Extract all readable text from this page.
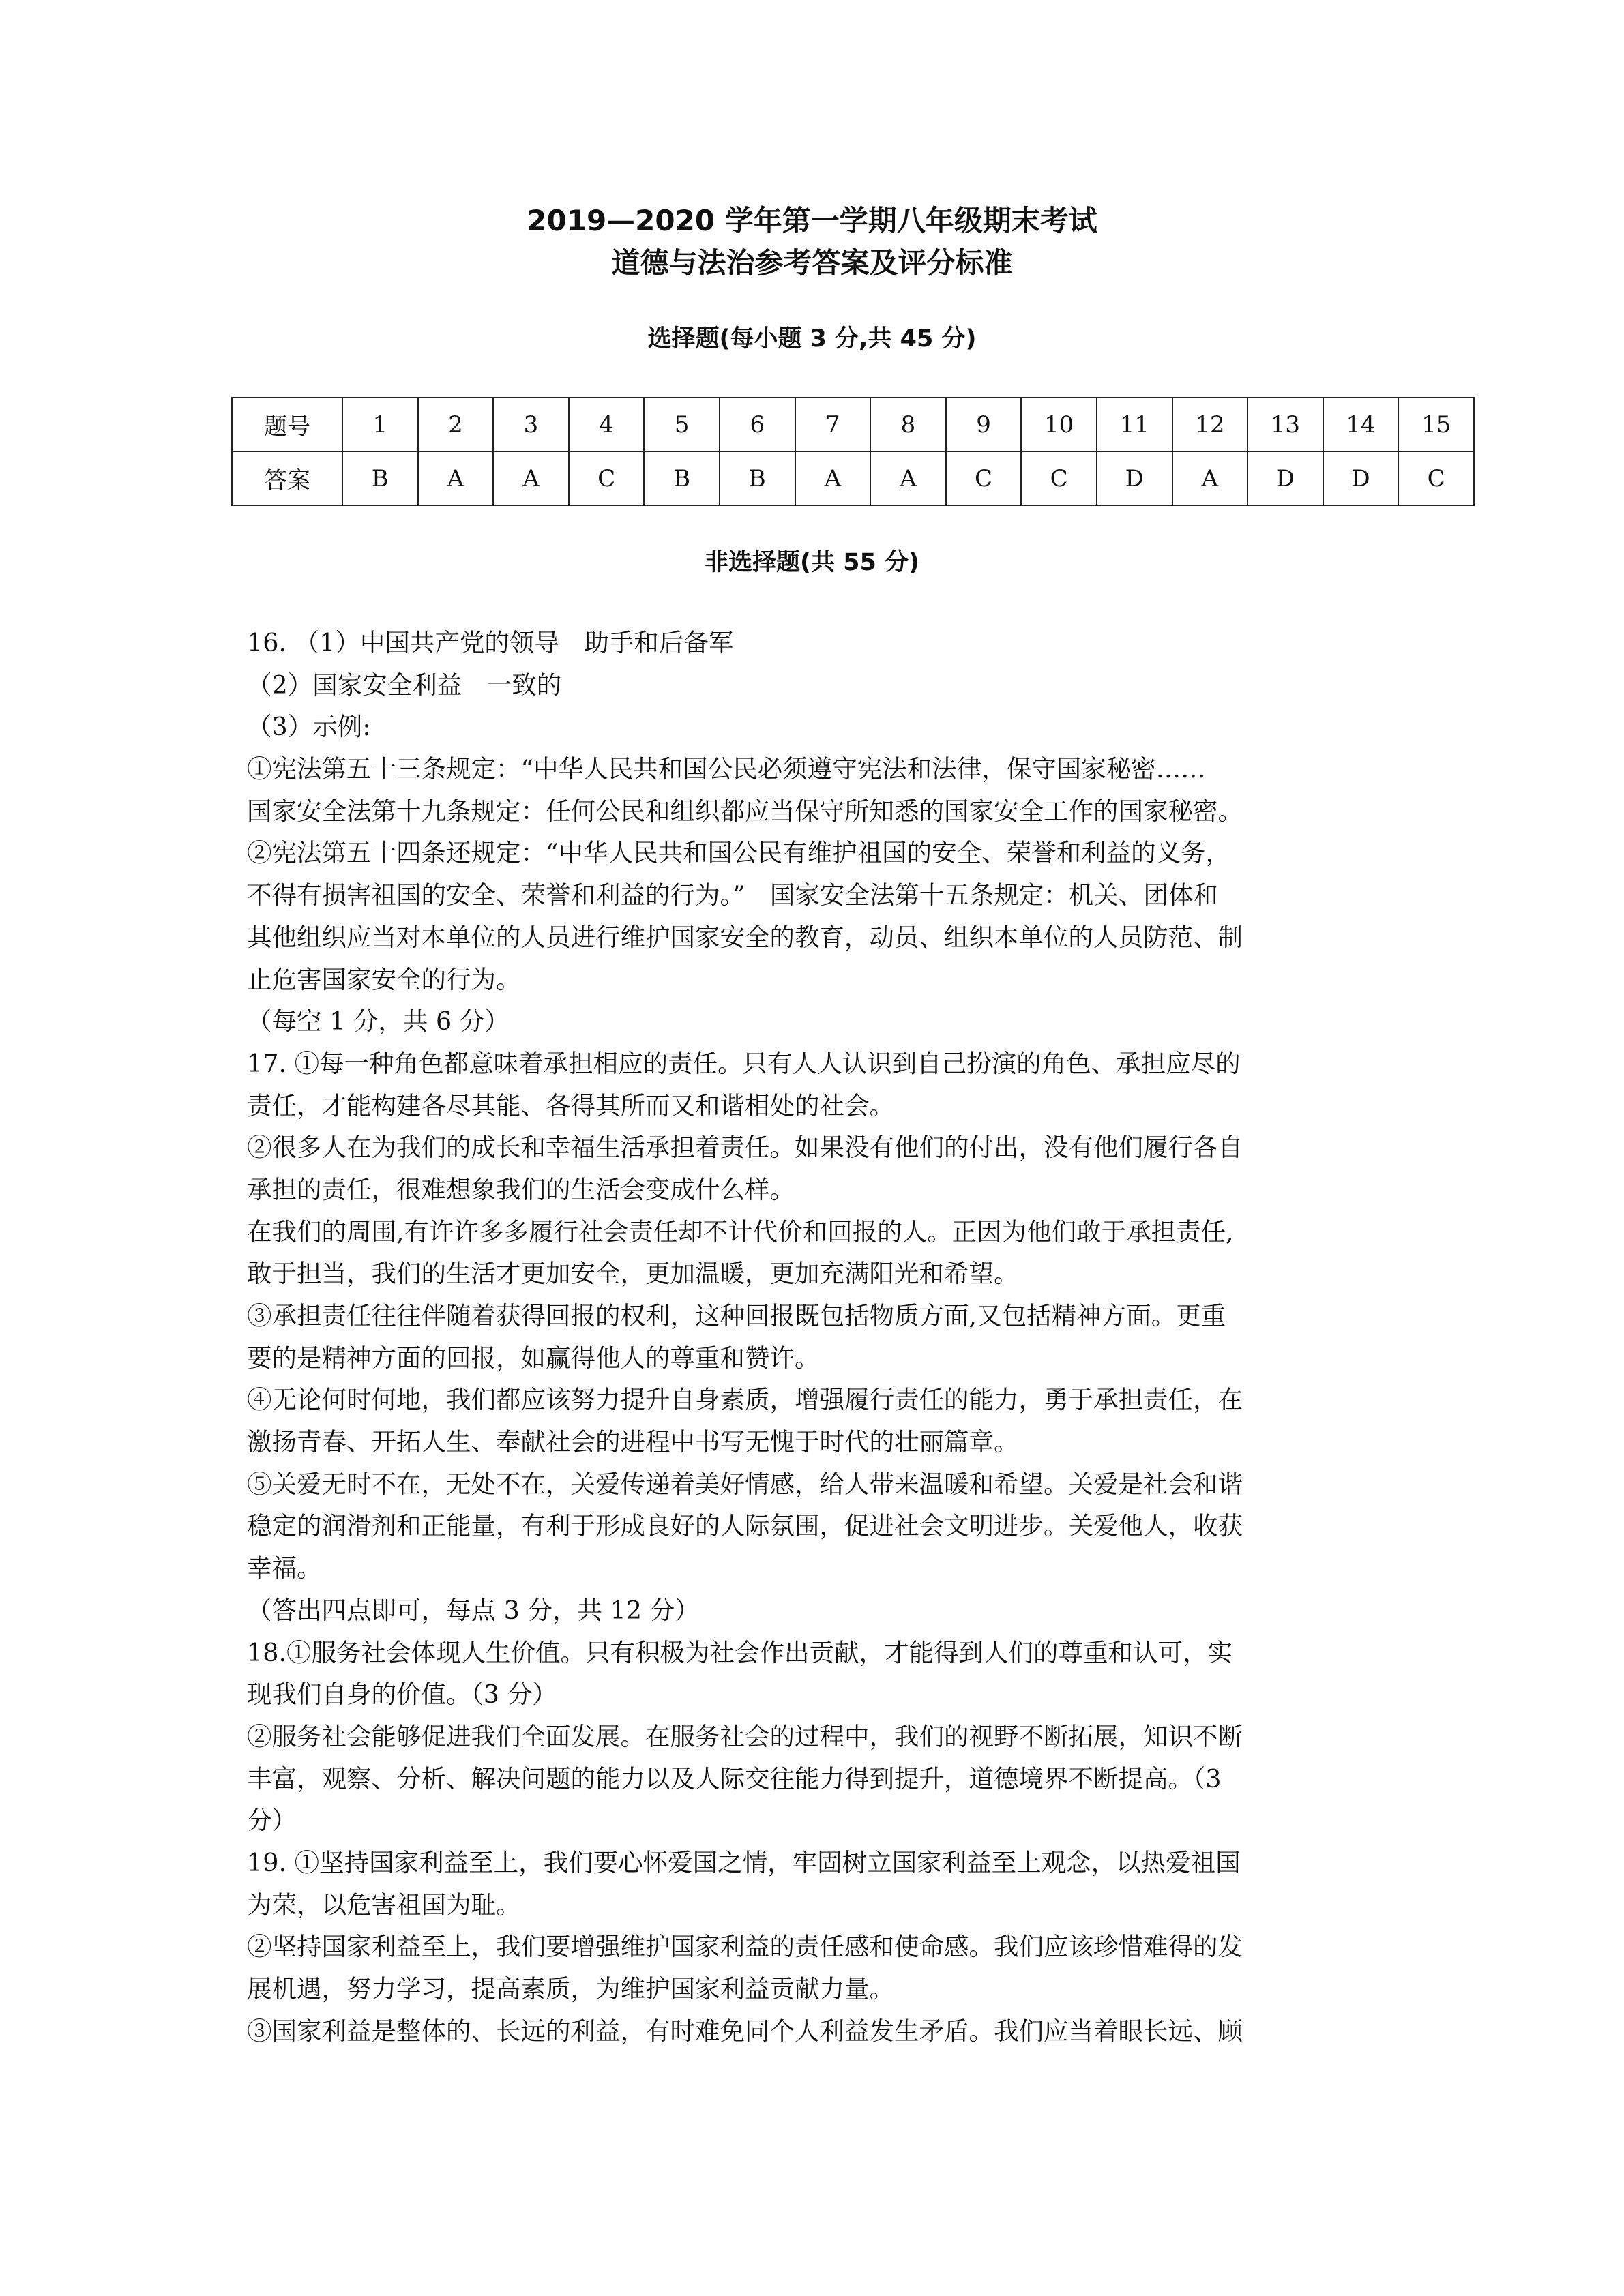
2019—2020 学年第一学期八年级期末考试
道德与法治参考答案及评分标准
选择题(每小题 3 分,共 45 分)
题号	1	2	3	4	5	6	7	8	9	10	11	12	13	14	15
答案	B	A	A	C	B	B	A	A	C	C	D	A	D	D	C
非选择题(共 55 分)
16. （1）中国共产党的领导　助手和后备军
（2）国家安全利益　一致的
（3）示例:
①宪法第五十三条规定：“中华人民共和国公民必须遵守宪法和法律，保守国家秘密……
国家安全法第十九条规定：任何公民和组织都应当保守所知悉的国家安全工作的国家秘密。
②宪法第五十四条还规定：“中华人民共和国公民有维护祖国的安全、荣誉和利益的义务，
不得有损害祖国的安全、荣誉和利益的行为。”　国家安全法第十五条规定：机关、团体和
其他组织应当对本单位的人员进行维护国家安全的教育，动员、组织本单位的人员防范、制
止危害国家安全的行为。
（每空 1 分，共 6 分）
17. ①每一种角色都意味着承担相应的责任。只有人人认识到自己扮演的角色、承担应尽的
责任，才能构建各尽其能、各得其所而又和谐相处的社会。
②很多人在为我们的成长和幸福生活承担着责任。如果没有他们的付出，没有他们履行各自
承担的责任，很难想象我们的生活会变成什么样。
在我们的周围,有许许多多履行社会责任却不计代价和回报的人。正因为他们敢于承担责任,
敢于担当，我们的生活才更加安全，更加温暖，更加充满阳光和希望。
③承担责任往往伴随着获得回报的权利，这种回报既包括物质方面,又包括精神方面。更重
要的是精神方面的回报，如赢得他人的尊重和赞许。
④无论何时何地，我们都应该努力提升自身素质，增强履行责任的能力，勇于承担责任，在
激扬青春、开拓人生、奉献社会的进程中书写无愧于时代的壮丽篇章。
⑤关爱无时不在，无处不在，关爱传递着美好情感，给人带来温暖和希望。关爱是社会和谐
稳定的润滑剂和正能量，有利于形成良好的人际氛围，促进社会文明进步。关爱他人，收获
幸福。
（答出四点即可，每点 3 分，共 12 分）
18.①服务社会体现人生价值。只有积极为社会作出贡献，才能得到人们的尊重和认可，实
现我们自身的价值。（3 分）
②服务社会能够促进我们全面发展。在服务社会的过程中，我们的视野不断拓展，知识不断
丰富，观察、分析、解决问题的能力以及人际交往能力得到提升，道德境界不断提高。（3
分）
19. ①坚持国家利益至上，我们要心怀爱国之情，牢固树立国家利益至上观念，以热爱祖国
为荣，以危害祖国为耻。
②坚持国家利益至上，我们要增强维护国家利益的责任感和使命感。我们应该珍惜难得的发
展机遇，努力学习，提高素质，为维护国家利益贡献力量。
③国家利益是整体的、长远的利益，有时难免同个人利益发生矛盾。我们应当着眼长远、顾
